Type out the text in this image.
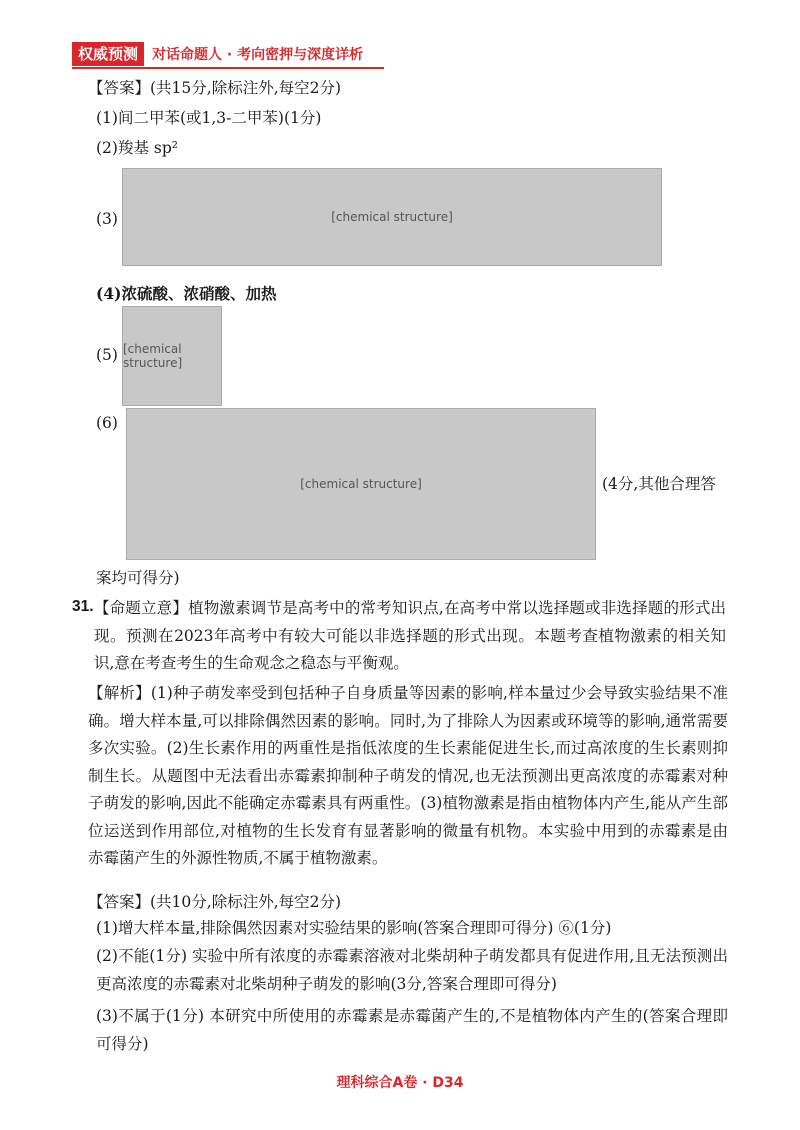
权威预测	对话命题人 · 考向密押与深度详析
【答案】(共15分,除标注外,每空2分)
(1)间二甲苯(或1,3-二甲苯)(1分)
(2)羧基 sp²
(3)	[chemical structure]
(4)浓硫酸、浓硝酸、加热
(5) [chemical structure]
(6)
[chemical structure]	(4分,其他合理答
案均可得分)
31. 【命题立意】植物激素调节是高考中的常考知识点,在高考中常以选择题或非选择题的形式出现。预测在2023年高考中有较大可能以非选择题的形式出现。本题考查植物激素的相关知识,意在考查考生的生命观念之稳态与平衡观。
【解析】(1)种子萌发率受到包括种子自身质量等因素的影响,样本量过少会导致实验结果不准确。增大样本量,可以排除偶然因素的影响。同时,为了排除人为因素或环境等的影响,通常需要多次实验。(2)生长素作用的两重性是指低浓度的生长素能促进生长,而过高浓度的生长素则抑制生长。从题图中无法看出赤霉素抑制种子萌发的情况,也无法预测出更高浓度的赤霉素对种子萌发的影响,因此不能确定赤霉素具有两重性。(3)植物激素是指由植物体内产生,能从产生部位运送到作用部位,对植物的生长发育有显著影响的微量有机物。本实验中用到的赤霉素是由赤霉菌产生的外源性物质,不属于植物激素。
【答案】(共10分,除标注外,每空2分)
(1)增大样本量,排除偶然因素对实验结果的影响(答案合理即可得分) ⑥(1分)
(2)不能(1分) 实验中所有浓度的赤霉素溶液对北柴胡种子萌发都具有促进作用,且无法预测出更高浓度的赤霉素对北柴胡种子萌发的影响(3分,答案合理即可得分)
(3)不属于(1分) 本研究中所使用的赤霉素是赤霉菌产生的,不是植物体内产生的(答案合理即可得分)
理科综合A卷 · D34
